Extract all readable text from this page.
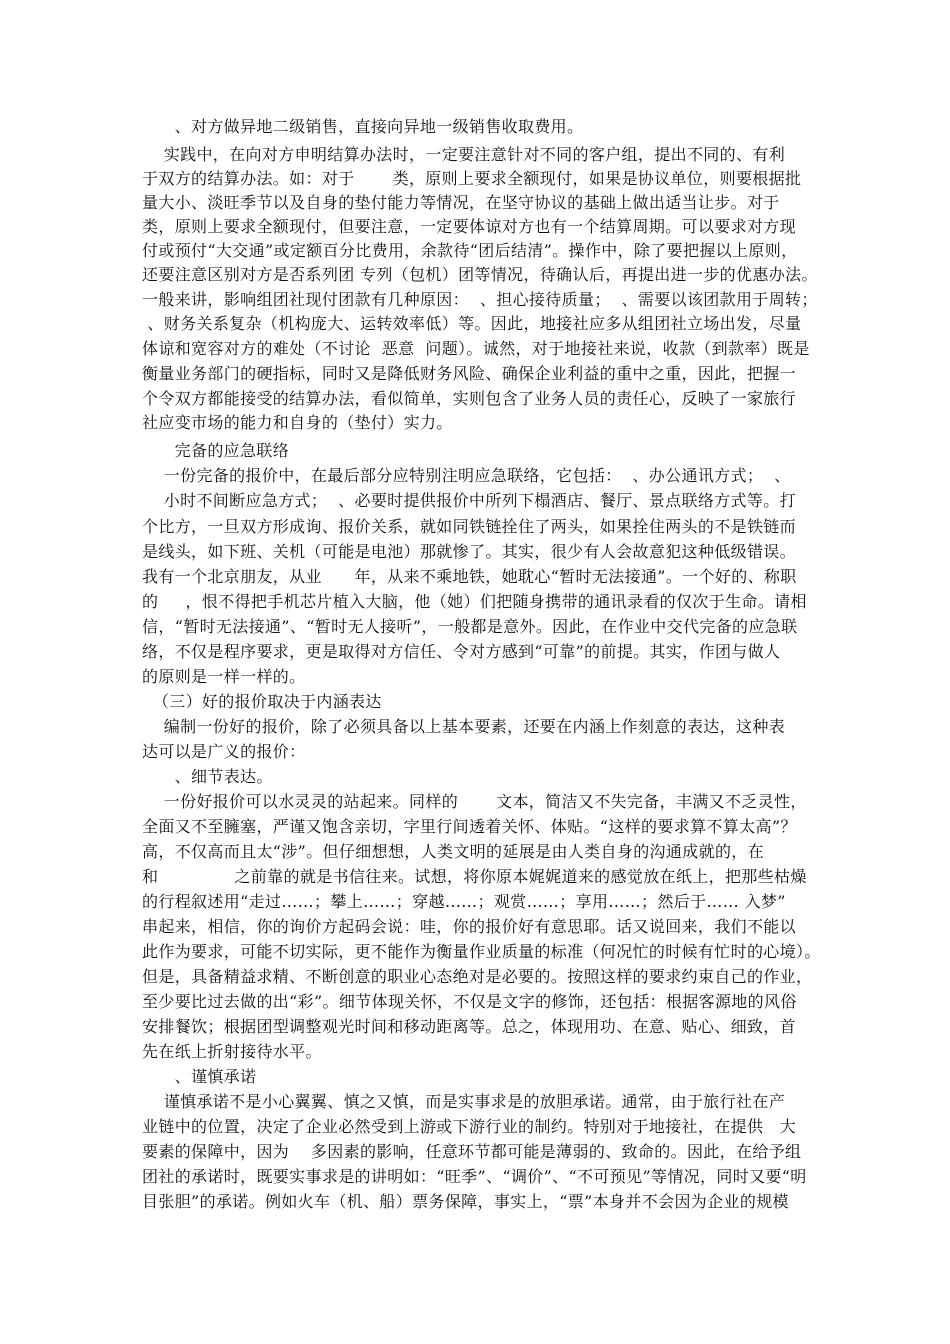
、对方做异地二级销售，直接向异地一级销售收取费用。
实践中，在向对方申明结算办法时，一定要注意针对不同的客户组，提出不同的、有利
于双方的结算办法。如：对于       类，原则上要求全额现付，如果是协议单位，则要根据批
量大小、淡旺季节以及自身的垫付能力等情况，在坚守协议的基础上做出适当让步。对于
类，原则上要求全额现付，但要注意，一定要体谅对方也有一个结算周期。可以要求对方现
付或预付“大交通”或定额百分比费用，余款待“团后结清”。操作中，除了要把握以上原则，
还要注意区别对方是否系列团 专列（包机）团等情况，待确认后，再提出进一步的优惠办法。
一般来讲，影响组团社现付团款有几种原因：  、担心接待质量；  、需要以该团款用于周转；
、财务关系复杂（机构庞大、运转效率低）等。因此，地接社应多从组团社立场出发，尽量
体谅和宽容对方的难处（不讨论  恶意  问题）。诚然，对于地接社来说，收款（到款率）既是
衡量业务部门的硬指标，同时又是降低财务风险、确保企业利益的重中之重，因此，把握一
个令双方都能接受的结算办法，看似简单，实则包含了业务人员的责任心，反映了一家旅行
社应变市场的能力和自身的（垫付）实力。
完备的应急联络
一份完备的报价中，在最后部分应特别注明应急联络，它包括：  、办公通讯方式；  、
小时不间断应急方式；  、必要时提供报价中所列下榻酒店、餐厅、景点联络方式等。打
个比方，一旦双方形成询、报价关系，就如同铁链拴住了两头，如果拴住两头的不是铁链而
是线头，如下班、关机（可能是电池）那就惨了。其实，很少有人会故意犯这种低级错误。
我有一个北京朋友，从业      年，从来不乘地铁，她耽心“暂时无法接通”。一个好的、称职
的     ，恨不得把手机芯片植入大脑，他（她）们把随身携带的通讯录看的仅次于生命。请相
信，“暂时无法接通”、“暂时无人接听”，一般都是意外。因此，在作业中交代完备的应急联
络，不仅是程序要求，更是取得对方信任、令对方感到“可靠”的前提。其实，作团与做人
的原则是一样一样的。
（三）好的报价取决于内涵表达
编制一份好的报价，除了必须具备以上基本要素，还要在内涵上作刻意的表达，这种表
达可以是广义的报价：
、细节表达。
一份好报价可以水灵灵的站起来。同样的       文本，简洁又不失完备，丰满又不乏灵性，
全面又不至臃塞，严谨又饱含亲切，字里行间透着关怀、体贴。“这样的要求算不算太高”？
高，不仅高而且太“涉”。但仔细想想，人类文明的延展是由人类自身的沟通成就的，在
和              之前靠的就是书信往来。试想，将你原本娓娓道来的感觉放在纸上，把那些枯燥
的行程叙述用“走过……；攀上……；穿越……；观赏……；享用……；然后于…… 入梦”
串起来，相信，你的询价方起码会说：哇，你的报价好有意思耶。话又说回来，我们不能以
此作为要求，可能不切实际，更不能作为衡量作业质量的标准（何况忙的时候有忙时的心境）。
但是，具备精益求精、不断创意的职业心态绝对是必要的。按照这样的要求约束自己的作业，
至少要比过去做的出“彩”。细节体现关怀，不仅是文字的修饰，还包括：根据客源地的风俗
安排餐饮；根据团型调整观光时间和移动距离等。总之，体现用功、在意、贴心、细致，首
先在纸上折射接待水平。
、谨慎承诺
谨慎承诺不是小心翼翼、慎之又慎，而是实事求是的放胆承诺。通常，由于旅行社在产
业链中的位置，决定了企业必然受到上游或下游行业的制约。特别对于地接社，在提供   大
要素的保障中，因为    多因素的影响，任意环节都可能是薄弱的、致命的。因此，在给予组
团社的承诺时，既要实事求是的讲明如：“旺季”、“调价”、“不可预见”等情况，同时又要“明
目张胆”的承诺。例如火车（机、船）票务保障，事实上，“票”本身并不会因为企业的规模
